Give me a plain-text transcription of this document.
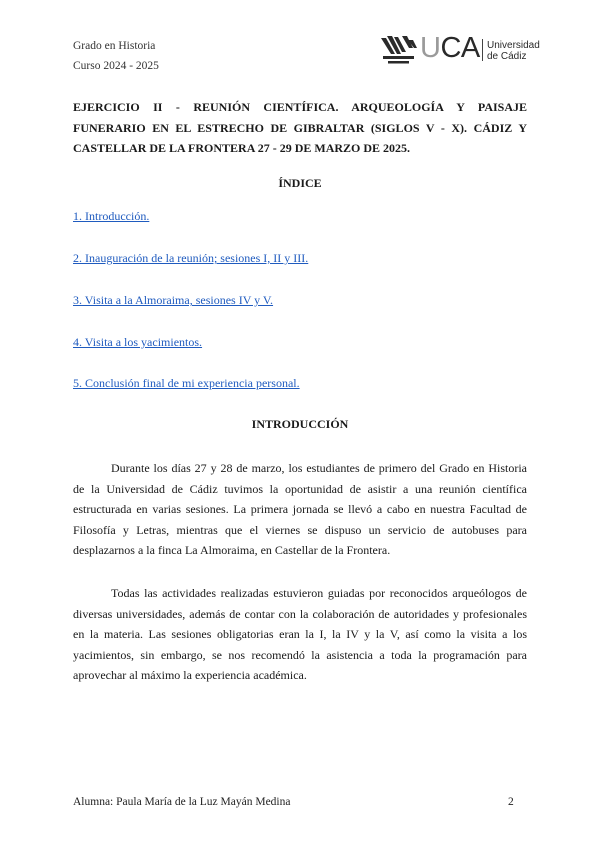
Grado en Historia
Curso 2024 - 2025
UCA Universidad
de Cádiz
EJERCICIO II - REUNIÓN CIENTÍFICA. ARQUEOLOGÍA Y PAISAJE FUNERARIO EN EL ESTRECHO DE GIBRALTAR (SIGLOS V - X). CÁDIZ Y CASTELLAR DE LA FRONTERA 27 - 29 DE MARZO DE 2025.
ÍNDICE
1. Introducción.
2. Inauguración de la reunión; sesiones I, II y III.
3. Visita a la Almoraima, sesiones IV y V.
4. Visita a los yacimientos.
5. Conclusión final de mi experiencia personal.
INTRODUCCIÓN

Durante los días 27 y 28 de marzo, los estudiantes de primero del Grado en Historia de la Universidad de Cádiz tuvimos la oportunidad de asistir a una reunión científica estructurada en varias sesiones. La primera jornada se llevó a cabo en nuestra Facultad de Filosofía y Letras, mientras que el viernes se dispuso un servicio de autobuses para desplazarnos a la finca La Almoraima, en Castellar de la Frontera.

Todas las actividades realizadas estuvieron guiadas por reconocidos arqueólogos de diversas universidades, además de contar con la colaboración de autoridades y profesionales en la materia. Las sesiones obligatorias eran la I, la IV y la V, así como la visita a los yacimientos, sin embargo, se nos recomendó la asistencia a toda la programación para aprovechar al máximo la experiencia académica.

Alumna: Paula María de la Luz Mayán Medina	2
